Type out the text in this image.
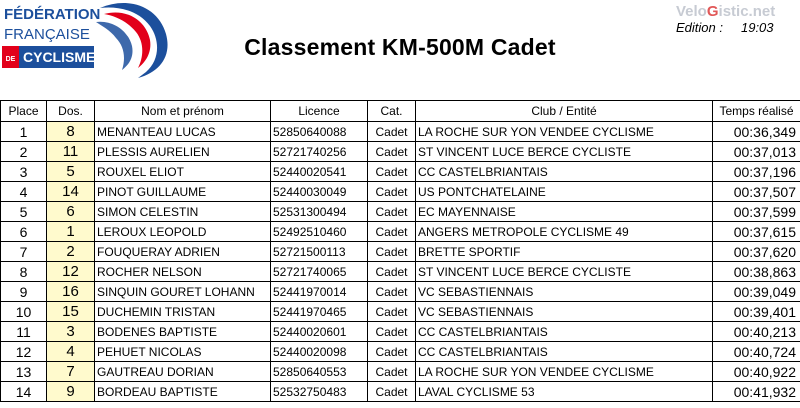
FÉDÉRATION
FRANÇAISE
DE CYCLISME	Classement KM-500M Cadet
VeloGistic.net
Edition : 19:03
Place	Dos.	Nom et prénom	Licence	Cat.	Club / Entité	Temps réalisé
1	8	MENANTEAU LUCAS	52850640088	Cadet	LA ROCHE SUR YON VENDEE CYCLISME	00:36,349
2	11	PLESSIS AURELIEN	52721740256	Cadet	ST VINCENT LUCE BERCE CYCLISTE	00:37,013
3	5	ROUXEL ELIOT	52440020541	Cadet	CC CASTELBRIANTAIS	00:37,196
4	14	PINOT GUILLAUME	52440030049	Cadet	US PONTCHATELAINE	00:37,507
5	6	SIMON CELESTIN	52531300494	Cadet	EC MAYENNAISE	00:37,599
6	1	LEROUX LEOPOLD	52492510460	Cadet	ANGERS METROPOLE CYCLISME 49	00:37,615
7	2	FOUQUERAY ADRIEN	52721500113	Cadet	BRETTE SPORTIF	00:37,620
8	12	ROCHER NELSON	52721740065	Cadet	ST VINCENT LUCE BERCE CYCLISTE	00:38,863
9	16	SINQUIN GOURET LOHANN	52441970014	Cadet	VC SEBASTIENNAIS	00:39,049
10	15	DUCHEMIN TRISTAN	52441970465	Cadet	VC SEBASTIENNAIS	00:39,401
11	3	BODENES BAPTISTE	52440020601	Cadet	CC CASTELBRIANTAIS	00:40,213
12	4	PEHUET NICOLAS	52440020098	Cadet	CC CASTELBRIANTAIS	00:40,724
13	7	GAUTREAU DORIAN	52850640553	Cadet	LA ROCHE SUR YON VENDEE CYCLISME	00:40,922
14	9	BORDEAU BAPTISTE	52532750483	Cadet	LAVAL CYCLISME 53	00:41,932
